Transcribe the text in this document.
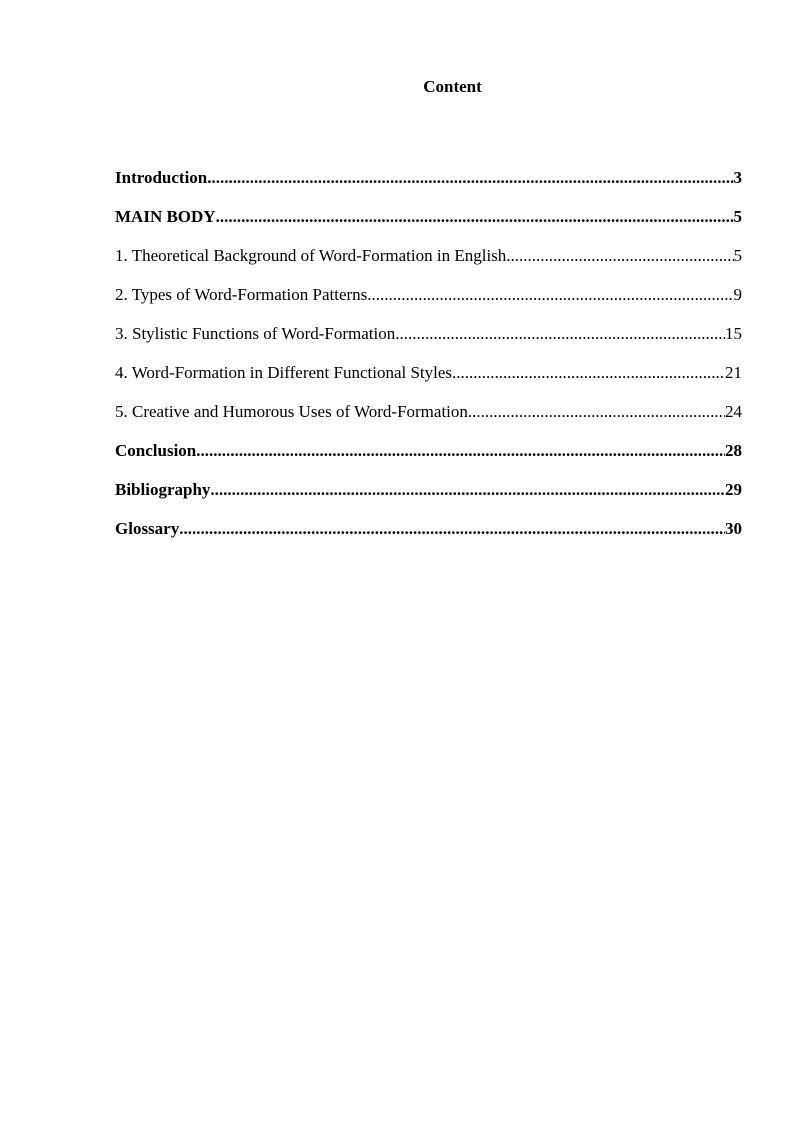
Content
Introduction .....	3
MAIN BODY .....	5
1. Theoretical Background of Word-Formation in English .....	5
2. Types of Word-Formation Patterns .....	9
3. Stylistic Functions of Word-Formation .....	15
4. Word-Formation in Different Functional Styles .....	21
5. Creative and Humorous Uses of Word-Formation .....	24
Conclusion .....	28
Bibliography .....	29
Glossary .....	30
